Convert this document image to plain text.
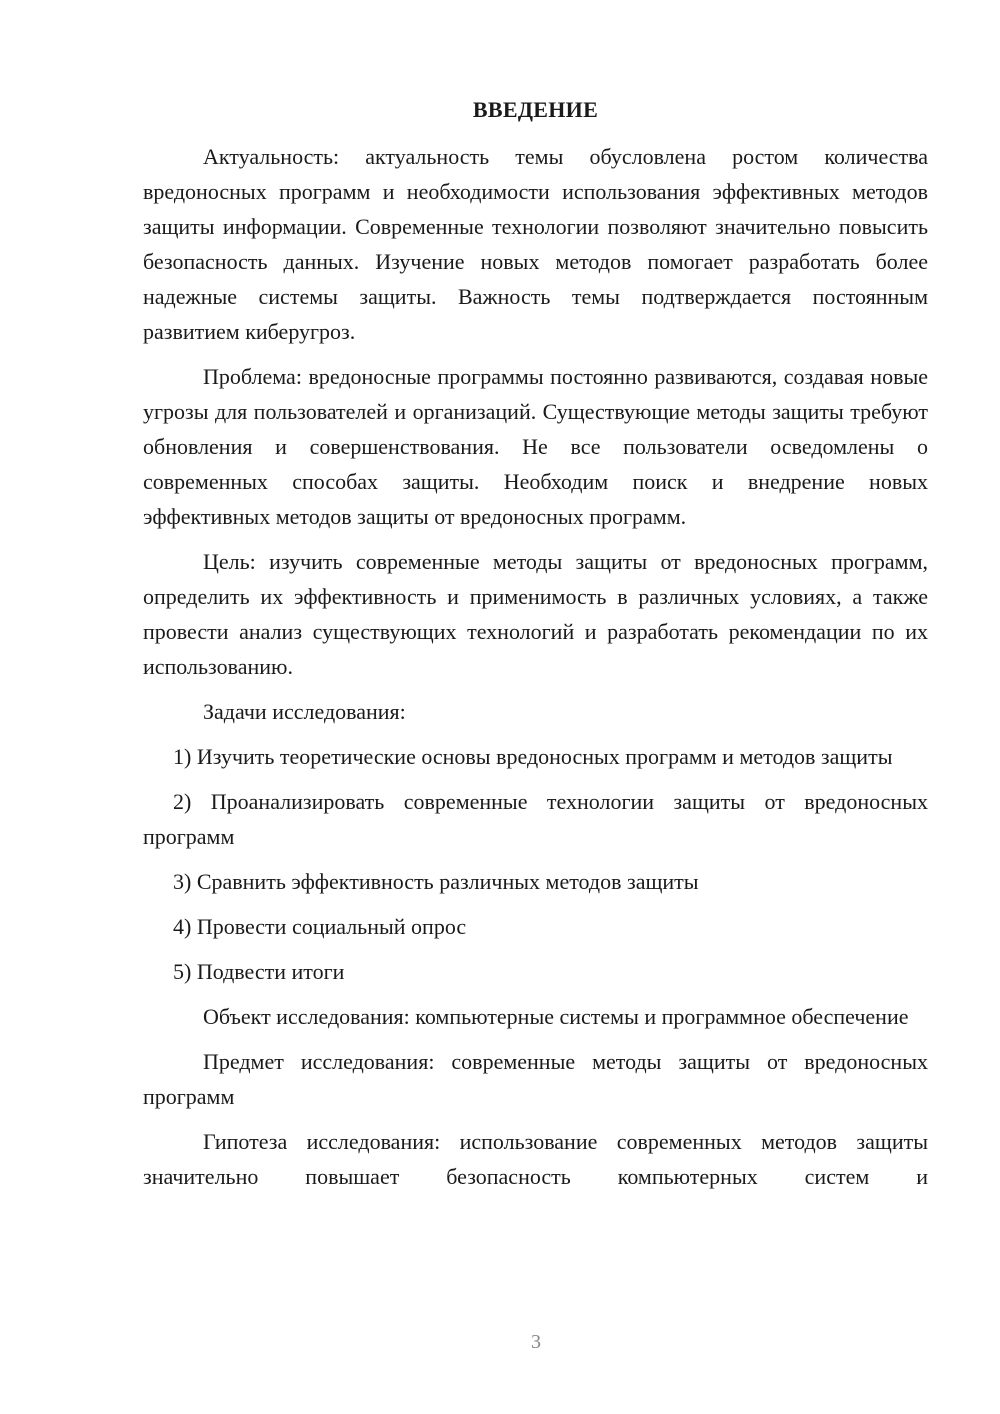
ВВЕДЕНИЕ

Актуальность: актуальность темы обусловлена ростом количества вредоносных программ и необходимости использования эффективных методов защиты информации. Современные технологии позволяют значительно повысить безопасность данных. Изучение новых методов помогает разработать более надежные системы защиты. Важность темы подтверждается постоянным развитием киберугроз.

Проблема: вредоносные программы постоянно развиваются, создавая новые угрозы для пользователей и организаций. Существующие методы защиты требуют обновления и совершенствования. Не все пользователи осведомлены о современных способах защиты. Необходим поиск и внедрение новых эффективных методов защиты от вредоносных программ.

Цель: изучить современные методы защиты от вредоносных программ, определить их эффективность и применимость в различных условиях, а также провести анализ существующих технологий и разработать рекомендации по их использованию.

Задачи исследования:

1) Изучить теоретические основы вредоносных программ и методов защиты

2) Проанализировать современные технологии защиты от вредоносных программ

3) Сравнить эффективность различных методов защиты

4) Провести социальный опрос

5) Подвести итоги

Объект исследования: компьютерные системы и программное обеспечение

Предмет исследования: современные методы защиты от вредоносных программ

Гипотеза исследования: использование современных методов защиты значительно повышает безопасность компьютерных систем и

3
